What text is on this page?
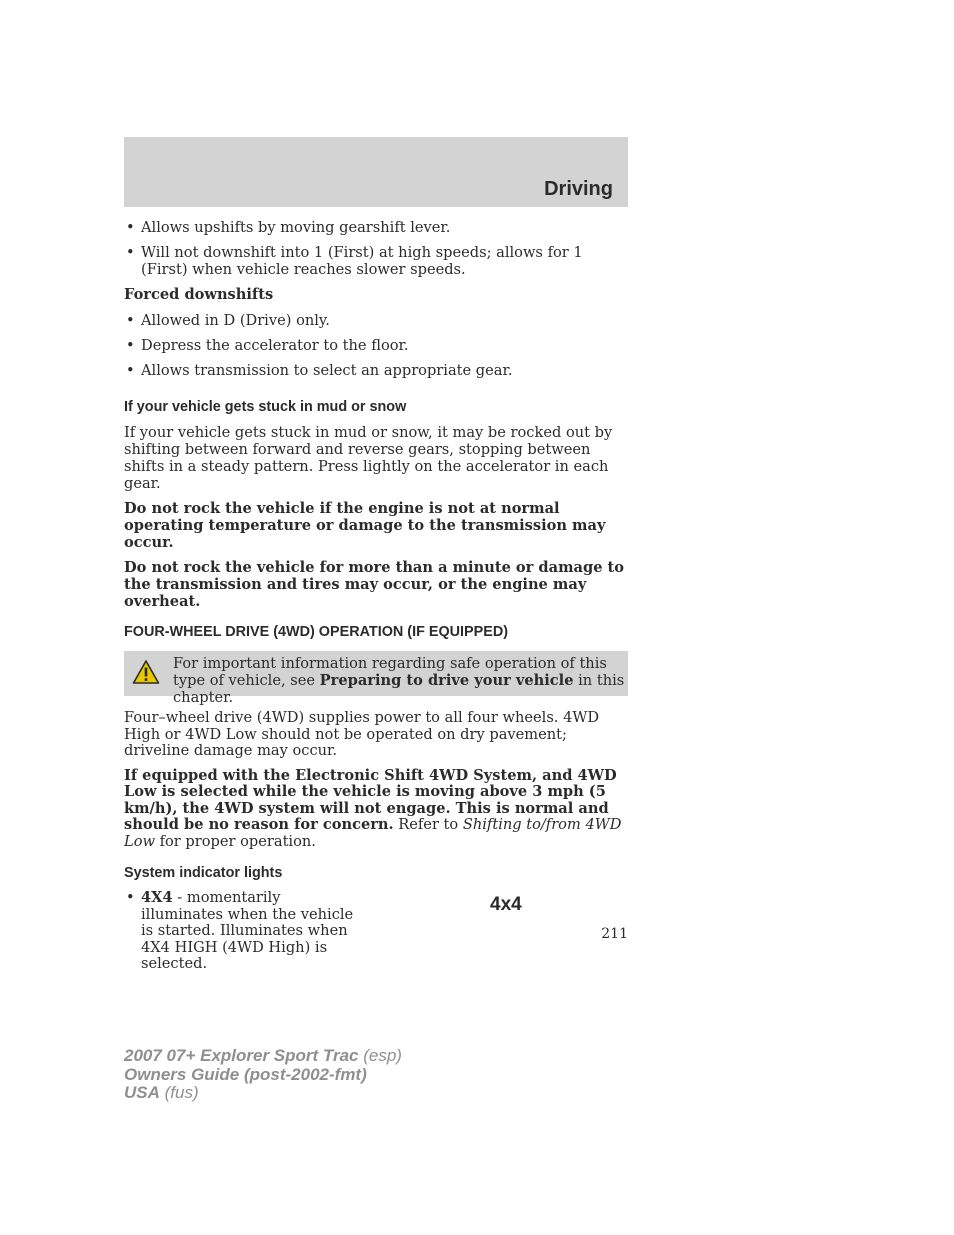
Driving
• Allows upshifts by moving gearshift lever.
• Will not downshift into 1 (First) at high speeds; allows for 1 (First) when vehicle reaches slower speeds.
Forced downshifts
• Allowed in D (Drive) only.
• Depress the accelerator to the floor.
• Allows transmission to select an appropriate gear.
If your vehicle gets stuck in mud or snow

If your vehicle gets stuck in mud or snow, it may be rocked out by shifting between forward and reverse gears, stopping between shifts in a steady pattern. Press lightly on the accelerator in each gear.

Do not rock the vehicle if the engine is not at normal operating temperature or damage to the transmission may occur.

Do not rock the vehicle for more than a minute or damage to the transmission and tires may occur, or the engine may overheat.

FOUR-WHEEL DRIVE (4WD) OPERATION (IF EQUIPPED)
For important information regarding safe operation of this type of vehicle, see Preparing to drive your vehicle in this chapter.

Four–wheel drive (4WD) supplies power to all four wheels. 4WD High or 4WD Low should not be operated on dry pavement; driveline damage may occur.

If equipped with the Electronic Shift 4WD System, and 4WD Low is selected while the vehicle is moving above 3 mph (5 km/h), the 4WD system will not engage. This is normal and should be no reason for concern. Refer to Shifting to/from 4WD Low for proper operation.

System indicator lights
• 4X4 - momentarily illuminates when the vehicle is started. Illuminates when 4X4 HIGH (4WD High) is selected.
4x4
211
2007 07+ Explorer Sport Trac (esp)
Owners Guide (post-2002-fmt)
USA (fus)
